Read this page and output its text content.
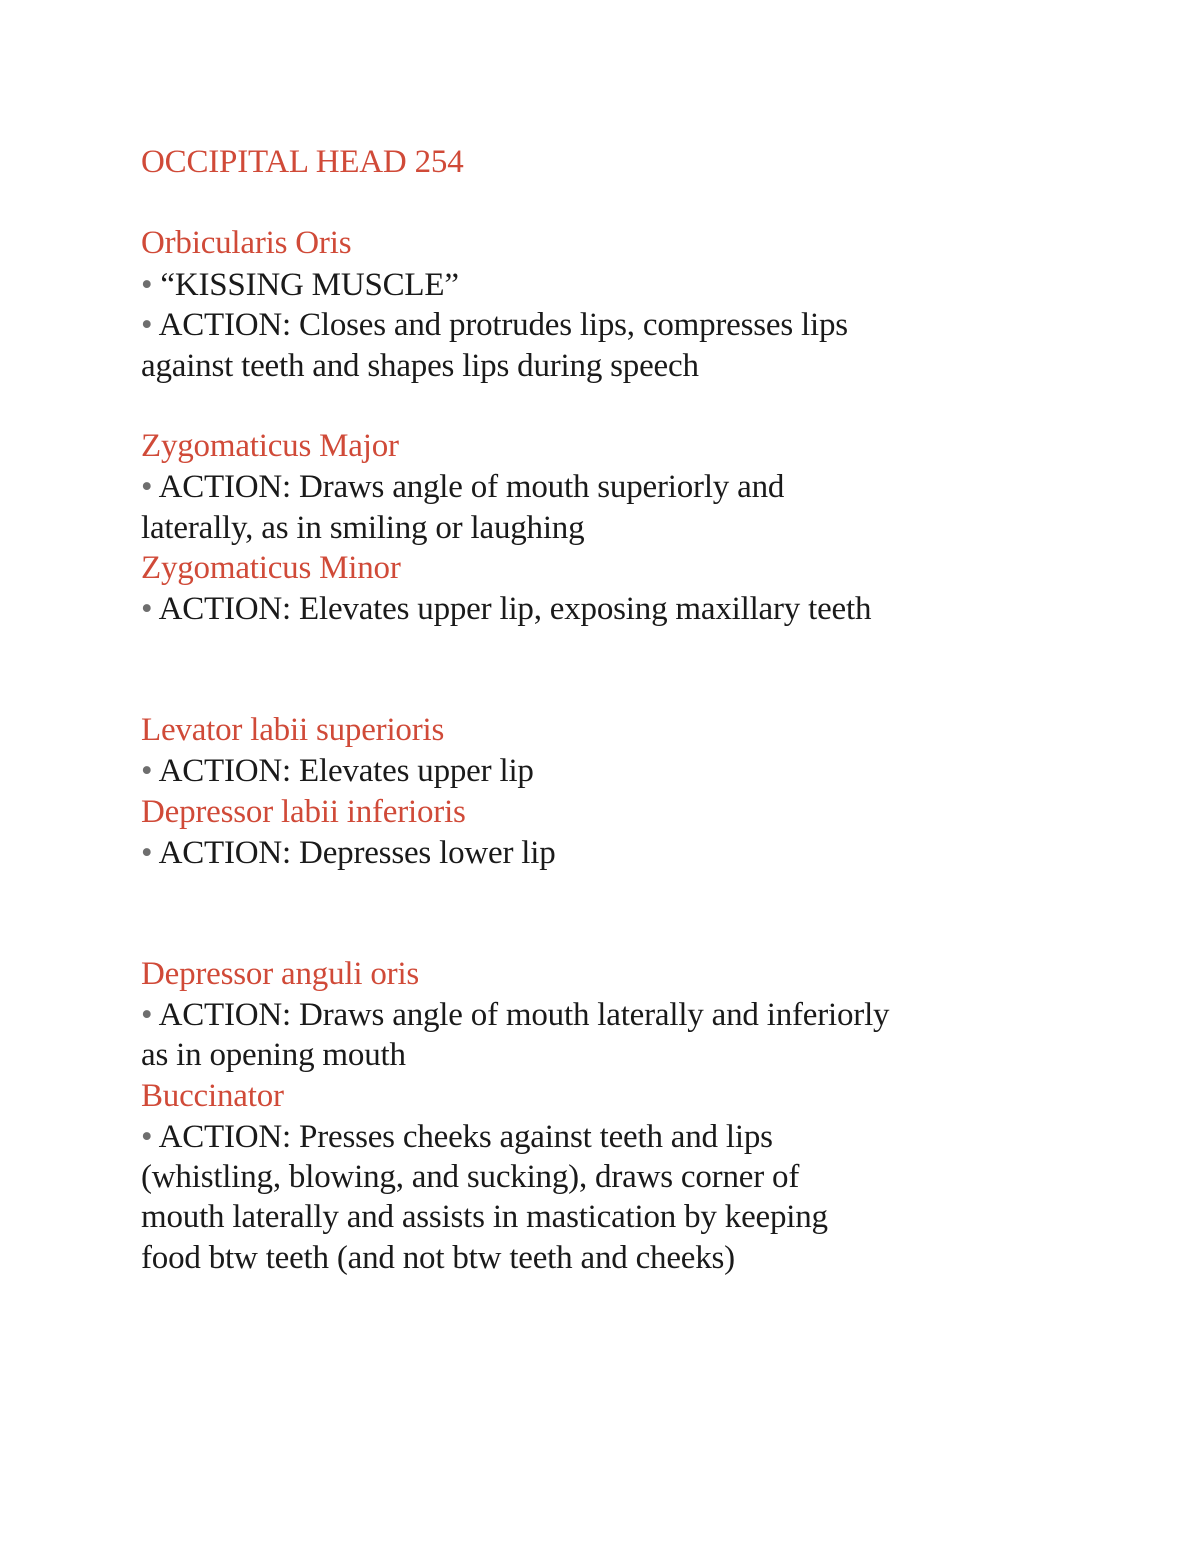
OCCIPITAL HEAD 254
Orbicularis Oris
• “KISSING MUSCLE”
• ACTION: Closes and protrudes lips, compresses lips
against teeth and shapes lips during speech
Zygomaticus Major
• ACTION: Draws angle of mouth superiorly and
laterally, as in smiling or laughing
Zygomaticus Minor
• ACTION: Elevates upper lip, exposing maxillary teeth
Levator labii superioris
• ACTION: Elevates upper lip
Depressor labii inferioris
• ACTION: Depresses lower lip
Depressor anguli oris
• ACTION: Draws angle of mouth laterally and inferiorly
as in opening mouth
Buccinator
• ACTION: Presses cheeks against teeth and lips
(whistling, blowing, and sucking), draws corner of
mouth laterally and assists in mastication by keeping
food btw teeth (and not btw teeth and cheeks)
